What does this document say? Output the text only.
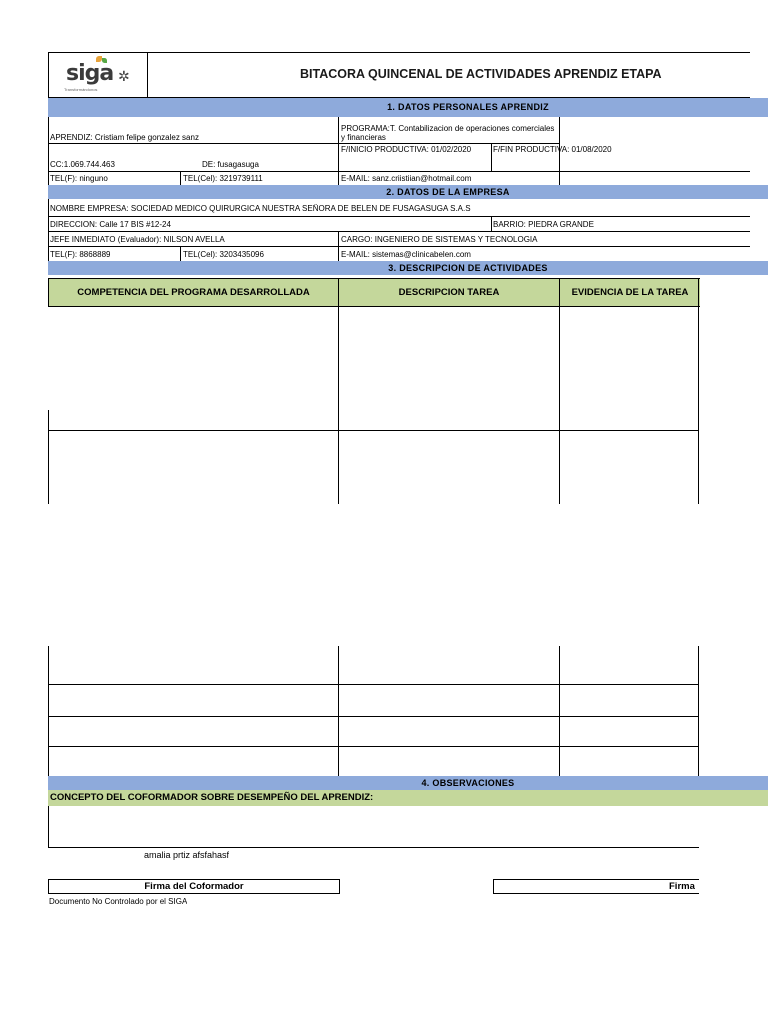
siga ✲
Transformándonos
BITACORA QUINCENAL DE ACTIVIDADES APRENDIZ ETAPA
1. DATOS PERSONALES APRENDIZ
APRENDIZ: Cristiam felipe gonzalez sanz
PROGRAMA:T. Contabilizacion de operaciones comerciales y financieras
CC:1.069.744.463	DE: fusagasuga
F/INICIO PRODUCTIVA: 01/02/2020	F/FIN PRODUCTIVA: 01/08/2020
TEL(F): ninguno	TEL(Cel): 3219739111	E-MAIL: sanz.criistiian@hotmail.com
2. DATOS DE LA EMPRESA
NOMBRE EMPRESA: SOCIEDAD MEDICO QUIRURGICA NUESTRA SEÑORA DE BELEN DE FUSAGASUGA S.A.S
DIRECCION: Calle 17 BIS #12-24	BARRIO: PIEDRA GRANDE
JEFE INMEDIATO (Evaluador): NILSON AVELLA	CARGO: INGENIERO DE SISTEMAS Y TECNOLOGIA
TEL(F): 8868889	TEL(Cel): 3203435096	E-MAIL: sistemas@clinicabelen.com
3. DESCRIPCION DE ACTIVIDADES
COMPETENCIA DEL PROGRAMA DESARROLLADA	DESCRIPCION TAREA	EVIDENCIA DE LA TAREA
4. OBSERVACIONES
CONCEPTO DEL COFORMADOR SOBRE DESEMPEÑO DEL APRENDIZ:
amalia prtiz afsfahasf
Firma del Coformador	Firma
Documento No Controlado por el SIGA
